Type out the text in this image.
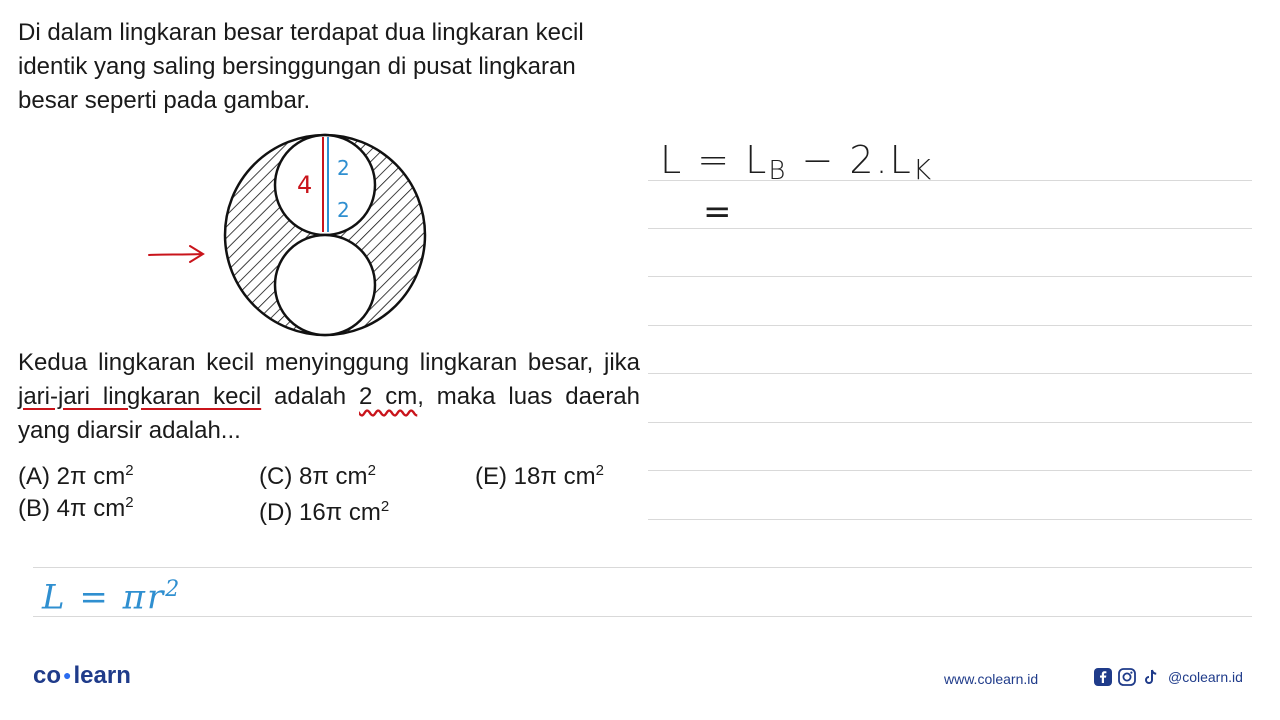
Di dalam lingkaran besar terdapat dua lingkaran kecil identik yang saling bersinggungan di pusat lingkaran besar seperti pada gambar.
4
2
2
Kedua lingkaran kecil menyinggung lingkaran besar, jika jari-jari lingkaran kecil adalah 2 cm, maka luas daerah yang diarsir adalah...
(A) 2π $cm^2$
(B) 4π $cm^2$
(C) 8π $cm^2$
(D) 16π $cm^2$
(E) 18π $cm^2$
L = LB − 2.LK
=
$L = \pi r^2$
co ●learn	www.colearn.id	@colearn.id
